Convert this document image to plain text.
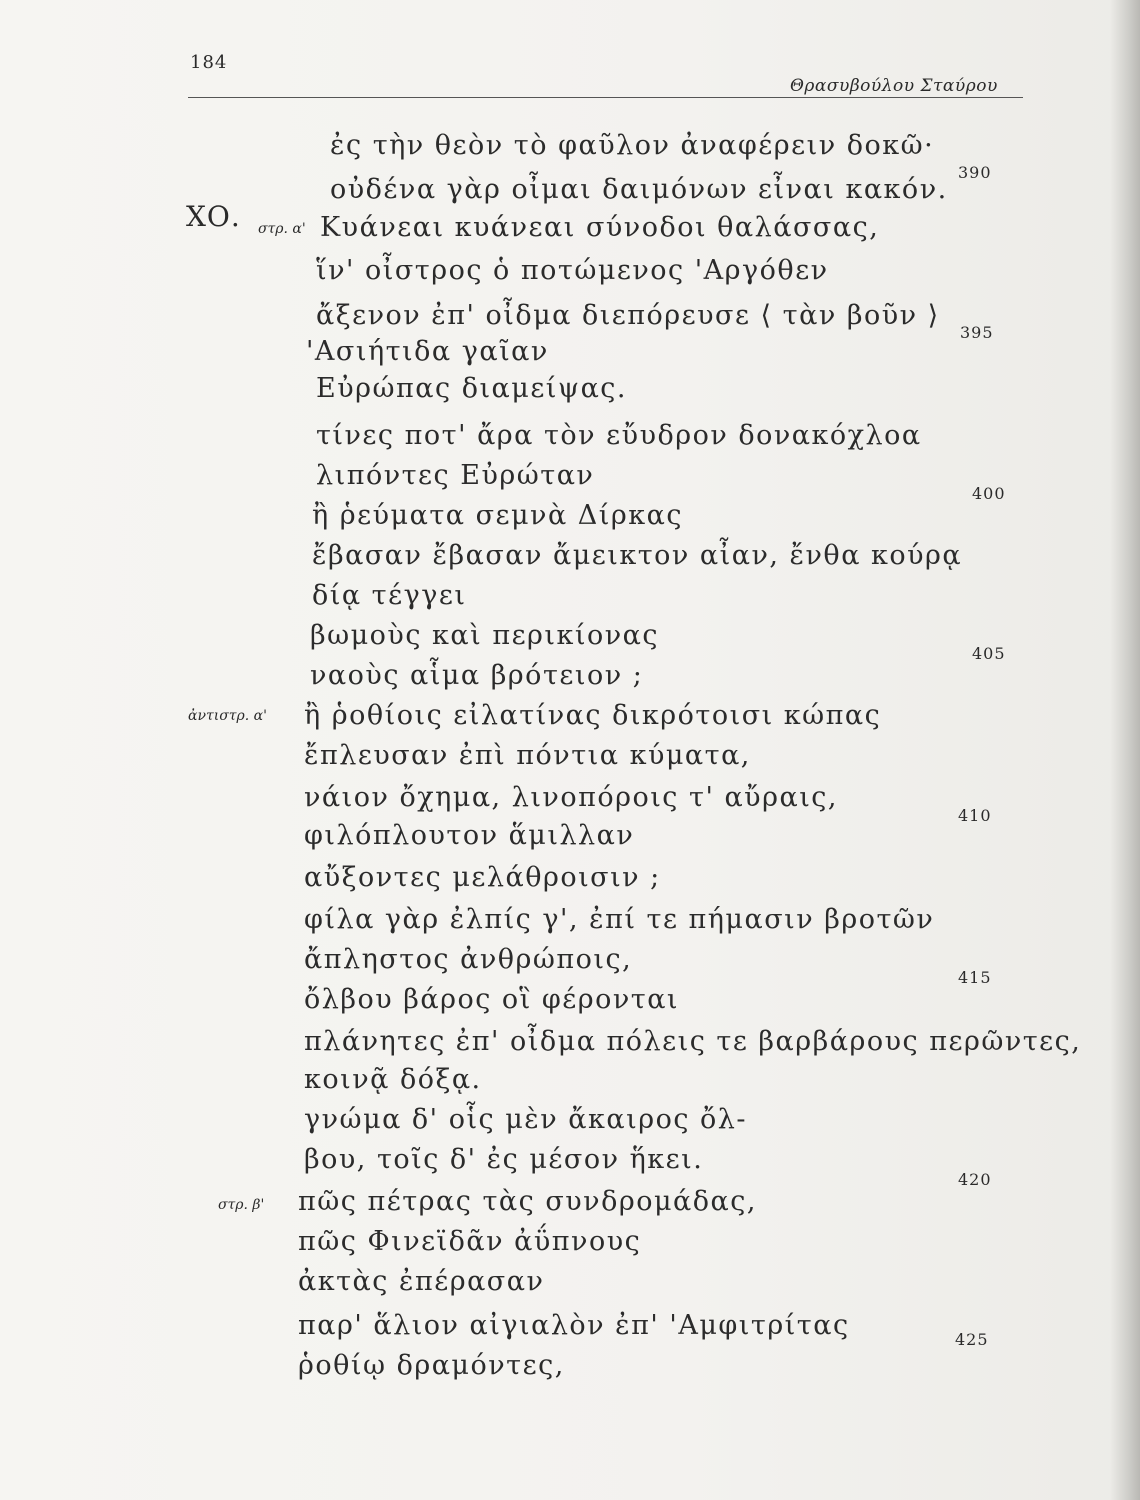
184
Θρασυβούλου Σταύρου
ΧΟ. στρ. α'
ἀντιστρ. α'
στρ. β'
ἐς τὴν θεὸν τὸ φαῦλον ἀναφέρειν δοκῶ·
οὐδένα γὰρ οἶμαι δαιμόνων εἶναι κακόν.
Κυάνεαι κυάνεαι σύνοδοι θαλάσσας,
ἵν' οἶστρος ὁ ποτώμενος 'Αργόθεν
ἄξενον ἐπ' οἶδμα διεπόρευσε ⟨ τὰν βοῦν ⟩
'Ασιήτιδα γαῖαν
Εὐρώπας διαμείψας.
τίνες ποτ' ἄρα τὸν εὔυδρον δονακόχλοα
λιπόντες Εὐρώταν
ἢ ῥεύματα σεμνὰ Δίρκας
ἔβασαν ἔβασαν ἄμεικτον αἶαν, ἔνθα κούρᾳ
δίᾳ τέγγει
βωμοὺς καὶ περικίονας
ναοὺς αἷμα βρότειον ;
ἢ ῥοθίοις εἰλατίνας δικρότοισι κώπας
ἔπλευσαν ἐπὶ πόντια κύματα,
νάιον ὄχημα, λινοπόροις τ' αὔραις,
φιλόπλουτον ἅμιλλαν
αὔξοντες μελάθροισιν ;
φίλα γὰρ ἐλπίς γ', ἐπί τε πήμασιν βροτῶν
ἄπληστος ἀνθρώποις,
ὄλβου βάρος οἳ φέρονται
πλάνητες ἐπ' οἶδμα πόλεις τε βαρβάρους περῶντες,
κοινᾷ δόξᾳ.
γνώμα δ' οἷς μὲν ἄκαιρος ὄλ-
βου, τοῖς δ' ἐς μέσον ἥκει.
πῶς πέτρας τὰς συνδρομάδας,
πῶς Φινεϊδᾶν ἀΰπνους
ἀκτὰς ἐπέρασαν
παρ' ἅλιον αἰγιαλὸν ἐπ' 'Αμφιτρίτας
ῥοθίῳ δραμόντες,
390
395
400
405
410
415
420
425
